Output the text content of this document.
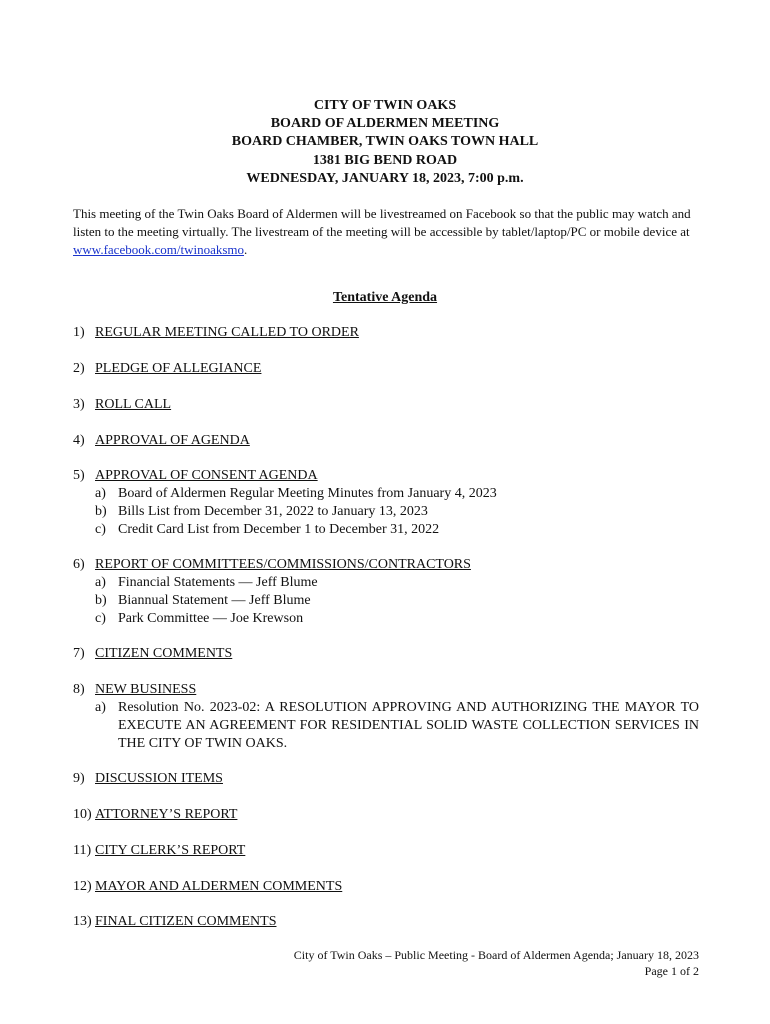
CITY OF TWIN OAKS
BOARD OF ALDERMEN MEETING
BOARD CHAMBER, TWIN OAKS TOWN HALL
1381 BIG BEND ROAD
WEDNESDAY, JANUARY 18, 2023, 7:00 p.m.
This meeting of the Twin Oaks Board of Aldermen will be livestreamed on Facebook so that the public may watch and listen to the meeting virtually. The livestream of the meeting will be accessible by tablet/laptop/PC or mobile device at www.facebook.com/twinoaksmo.
Tentative Agenda
1) REGULAR MEETING CALLED TO ORDER
2) PLEDGE OF ALLEGIANCE
3) ROLL CALL
4) APPROVAL OF AGENDA
5) APPROVAL OF CONSENT AGENDA
a) Board of Aldermen Regular Meeting Minutes from January 4, 2023
b) Bills List from December 31, 2022 to January 13, 2023
c) Credit Card List from December 1 to December 31, 2022
6) REPORT OF COMMITTEES/COMMISSIONS/CONTRACTORS
a) Financial Statements — Jeff Blume
b) Biannual Statement — Jeff Blume
c) Park Committee — Joe Krewson
7) CITIZEN COMMENTS
8) NEW BUSINESS
a) Resolution No. 2023-02: A RESOLUTION APPROVING AND AUTHORIZING THE MAYOR TO EXECUTE AN AGREEMENT FOR RESIDENTIAL SOLID WASTE COLLECTION SERVICES IN THE CITY OF TWIN OAKS.
9) DISCUSSION ITEMS
10) ATTORNEY’S REPORT
11) CITY CLERK’S REPORT
12) MAYOR AND ALDERMEN COMMENTS
13) FINAL CITIZEN COMMENTS
City of Twin Oaks – Public Meeting - Board of Aldermen Agenda; January 18, 2023
Page 1 of 2
